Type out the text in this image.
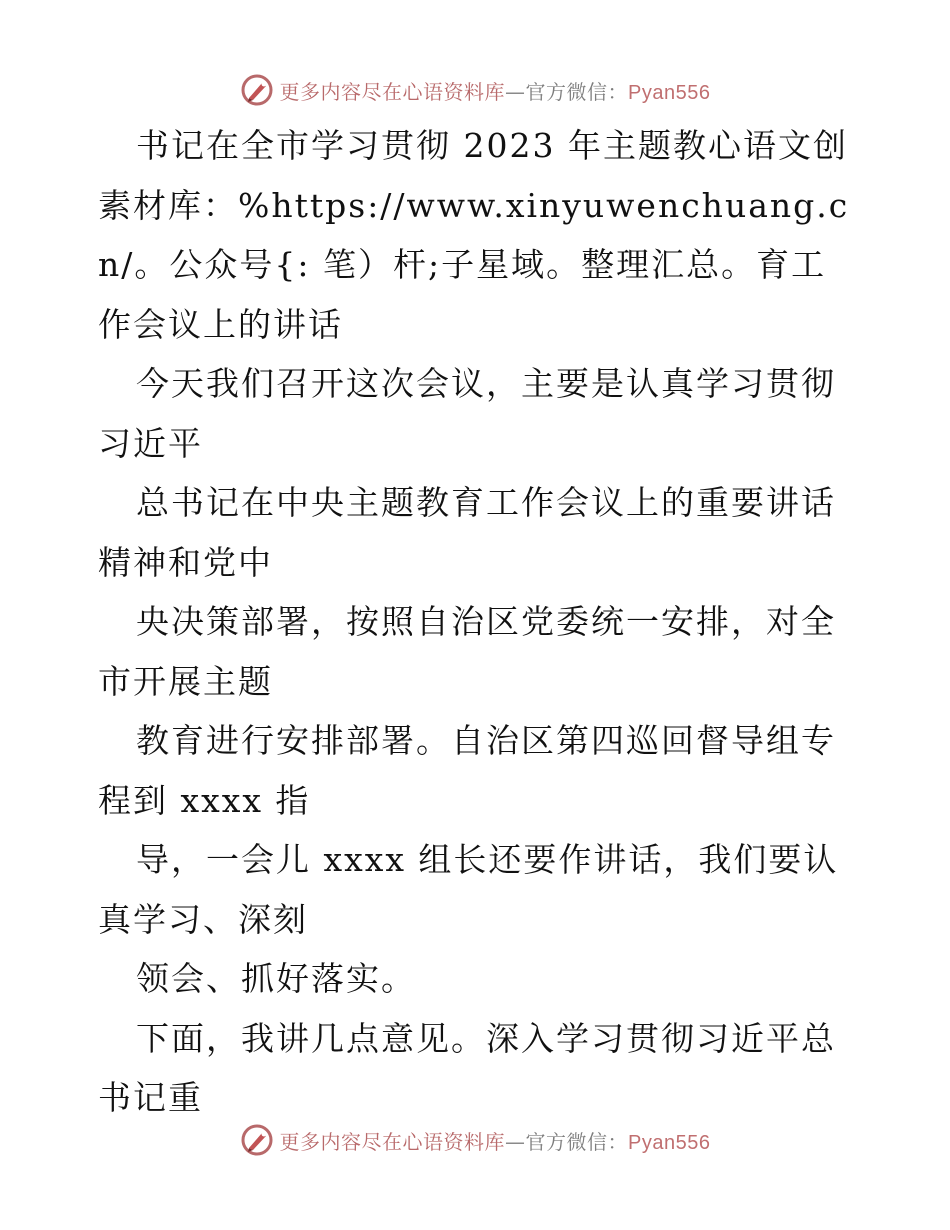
更多内容尽在心语资料库—官方微信：Pyan556

书记在全市学习贯彻 2023 年主题教心语文创素材库：%https://www.xinyuwenchuang.cn/。公众号{: 笔）杆;子星域。整理汇总。育工作会议上的讲话

今天我们召开这次会议，主要是认真学习贯彻习近平

总书记在中央主题教育工作会议上的重要讲话精神和党中

央决策部署，按照自治区党委统一安排，对全市开展主题

教育进行安排部署。自治区第四巡回督导组专程到 xxxx 指

导，一会儿 xxxx 组长还要作讲话，我们要认真学习、深刻

领会、抓好落实。

下面，我讲几点意见。深入学习贯彻习近平总书记重

更多内容尽在心语资料库—官方微信：Pyan556
